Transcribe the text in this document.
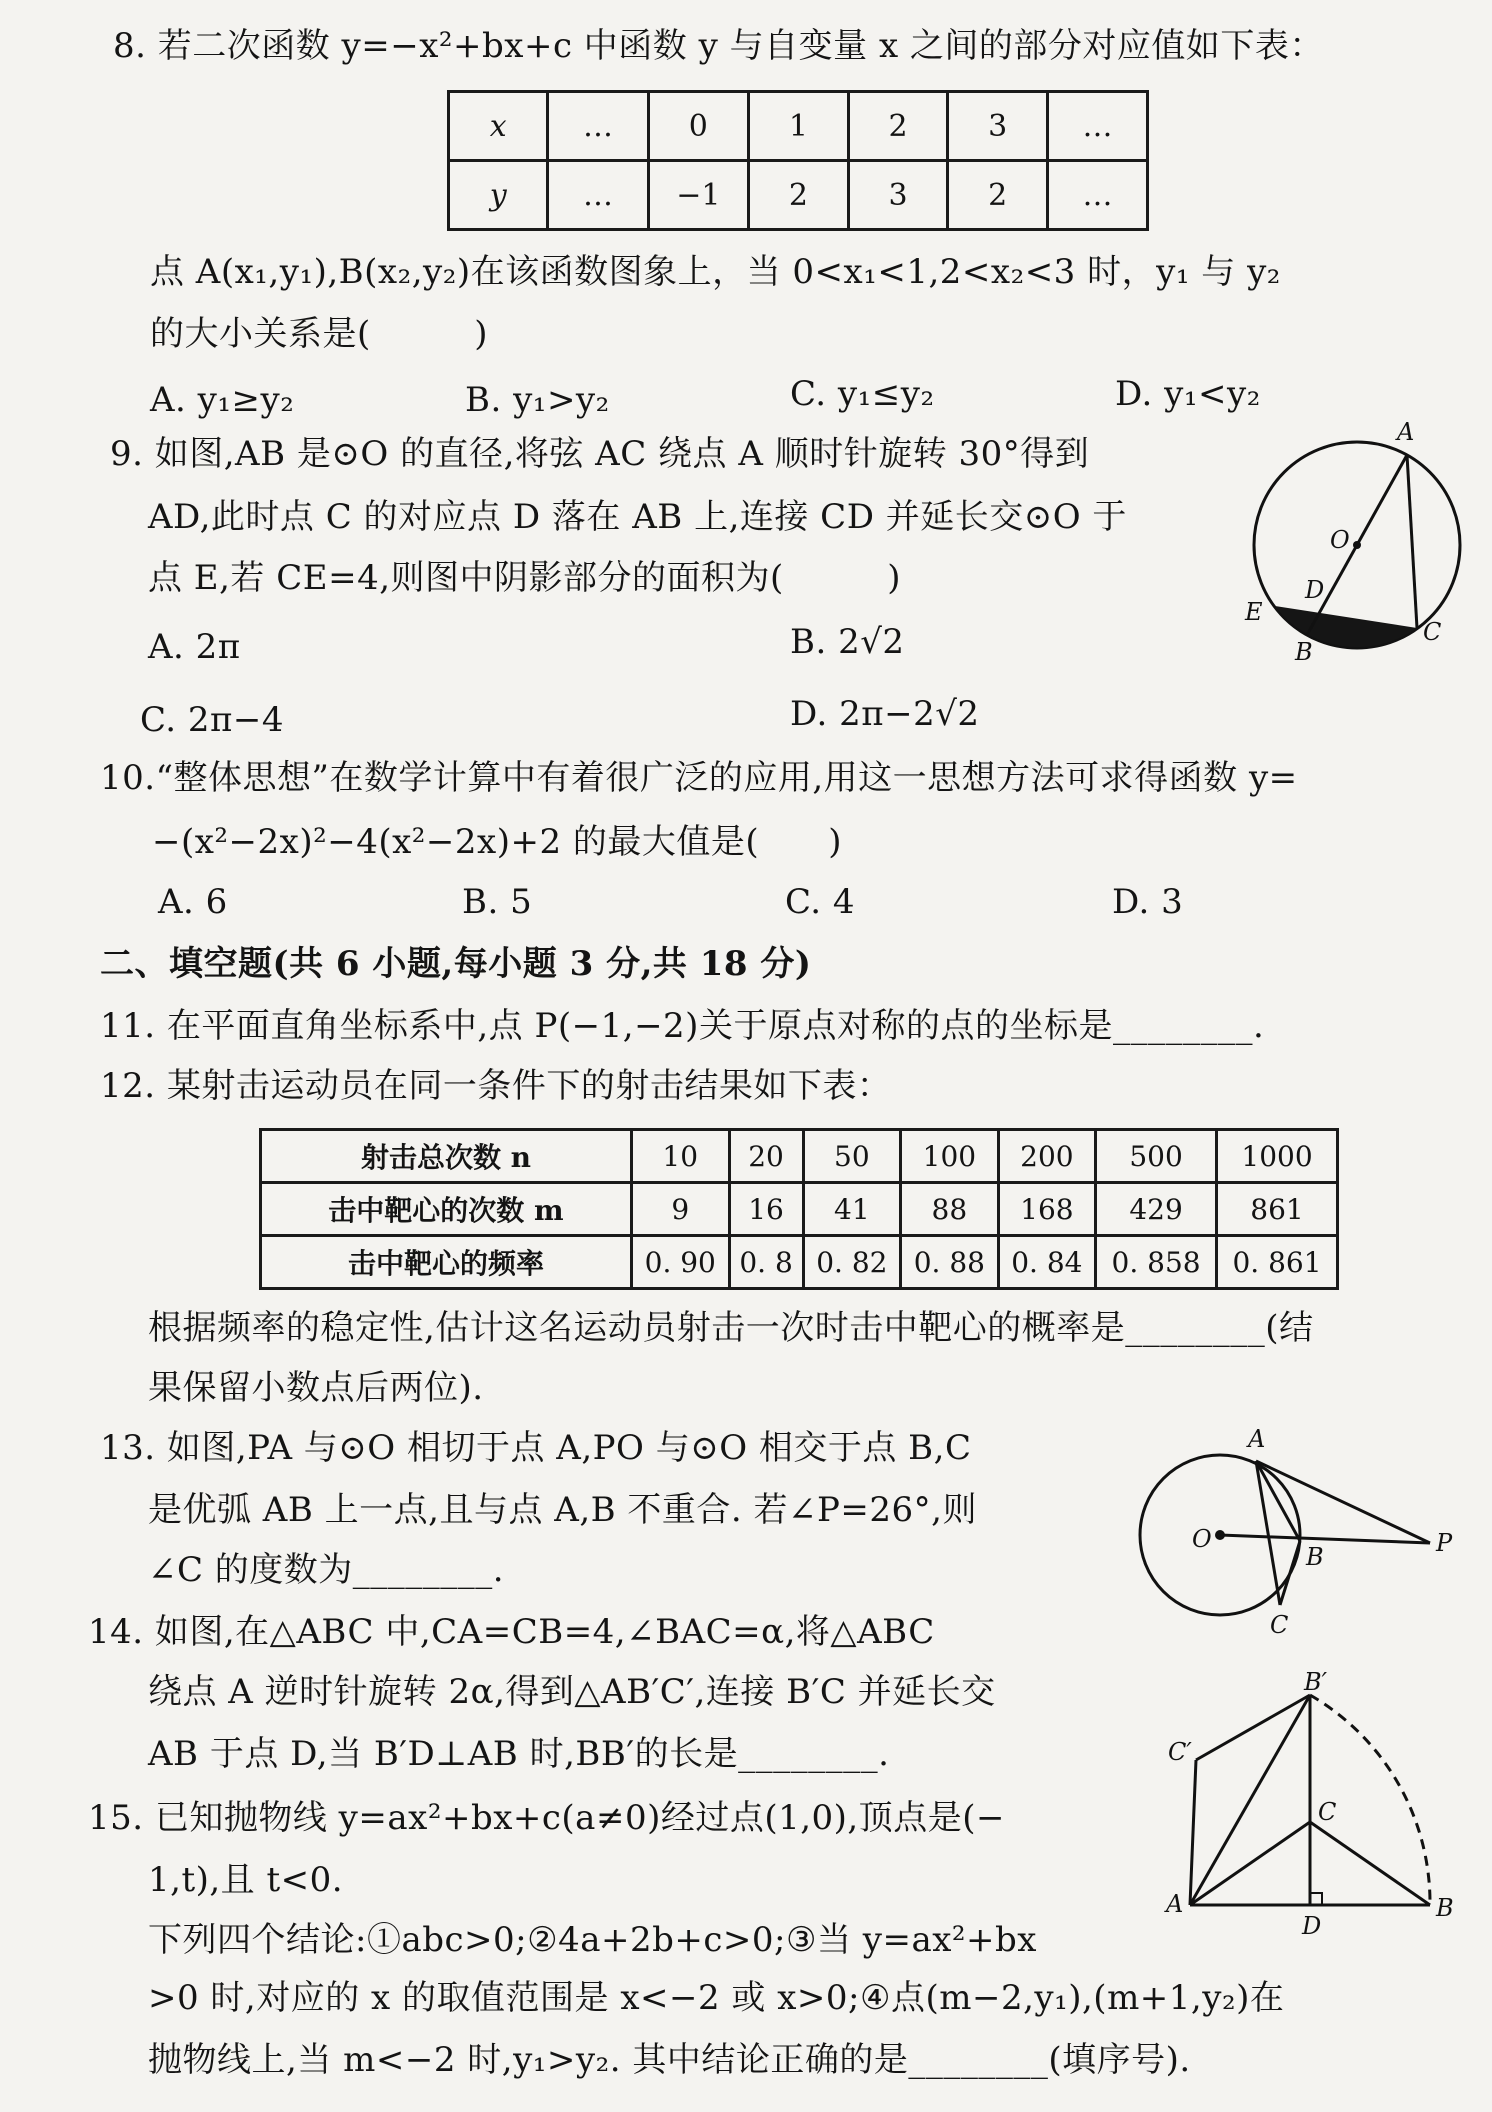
8. 若二次函数 y=−x²+bx+c 中函数 y 与自变量 x 之间的部分对应值如下表：
x	…	0	1	2	3	…
y	…	−1	2	3	2	…
点 A(x₁,y₁),B(x₂,y₂)在该函数图象上，当 0<x₁<1,2<x₂<3 时，y₁ 与 y₂
的大小关系是(　　　)
A. y₁≥y₂	B. y₁>y₂	C. y₁≤y₂	D. y₁<y₂
9. 如图,AB 是⊙O 的直径,将弦 AC 绕点 A 顺时针旋转 30°得到
AD,此时点 C 的对应点 D 落在 AB 上,连接 CD 并延长交⊙O 于
点 E,若 CE=4,则图中阴影部分的面积为(　　　)
A. 2π	B. 2√2
C. 2π−4	D. 2π−2√2
A
O
D
E
B
C
10.“整体思想”在数学计算中有着很广泛的应用,用这一思想方法可求得函数 y=
−(x²−2x)²−4(x²−2x)+2 的最大值是(　　)
A. 6	B. 5	C. 4	D. 3
二、填空题(共 6 小题,每小题 3 分,共 18 分)
11. 在平面直角坐标系中,点 P(−1,−2)关于原点对称的点的坐标是________.
12. 某射击运动员在同一条件下的射击结果如下表：
射击总次数 n	10	20	50	100	200	500	1000
击中靶心的次数 m	9	16	41	88	168	429	861
击中靶心的频率	0. 90	0. 8	0. 82	0. 88	0. 84	0. 858	0. 861
根据频率的稳定性,估计这名运动员射击一次时击中靶心的概率是________(结
果保留小数点后两位).
13. 如图,PA 与⊙O 相切于点 A,PO 与⊙O 相交于点 B,C
是优弧 AB 上一点,且与点 A,B 不重合. 若∠P=26°,则
∠C 的度数为________.
A
O
B
C
P
14. 如图,在△ABC 中,CA=CB=4,∠BAC=α,将△ABC
绕点 A 逆时针旋转 2α,得到△AB′C′,连接 B′C 并延长交
AB 于点 D,当 B′D⊥AB 时,BB′的长是________.
B′
C′
C
A
D
B
15. 已知抛物线 y=ax²+bx+c(a≠0)经过点(1,0),顶点是(−
1,t),且 t<0.
下列四个结论:①abc>0;②4a+2b+c>0;③当 y=ax²+bx
>0 时,对应的 x 的取值范围是 x<−2 或 x>0;④点(m−2,y₁),(m+1,y₂)在
抛物线上,当 m<−2 时,y₁>y₂. 其中结论正确的是________(填序号).
